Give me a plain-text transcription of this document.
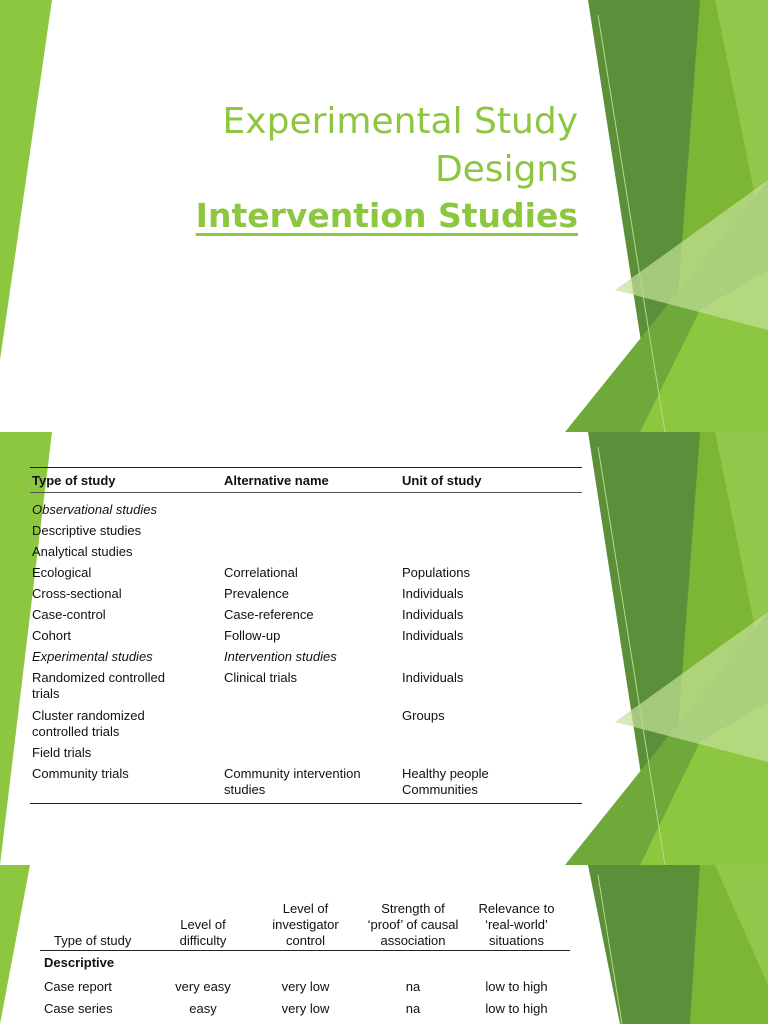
Experimental Study
Designs
Intervention Studies
Type of study	Alternative name	Unit of study
Observational studies		
Descriptive studies		
Analytical studies		
Ecological	Correlational	Populations
Cross-sectional	Prevalence	Individuals
Case-control	Case-reference	Individuals
Cohort	Follow-up	Individuals
Experimental studies	Intervention studies	
Randomized controlled trials	Clinical trials	Individuals
Cluster randomized controlled trials		Groups
Field trials		
Community trials	Community intervention studies	Healthy people Communities
Type of study	Level of difficulty	Level of investigator control	Strength of ‘proof’ of causal association	Relevance to ‘real-world’ situations
Descriptive				
Case report	very easy	very low	na	low to high
Case series	easy	very low	na	low to high
